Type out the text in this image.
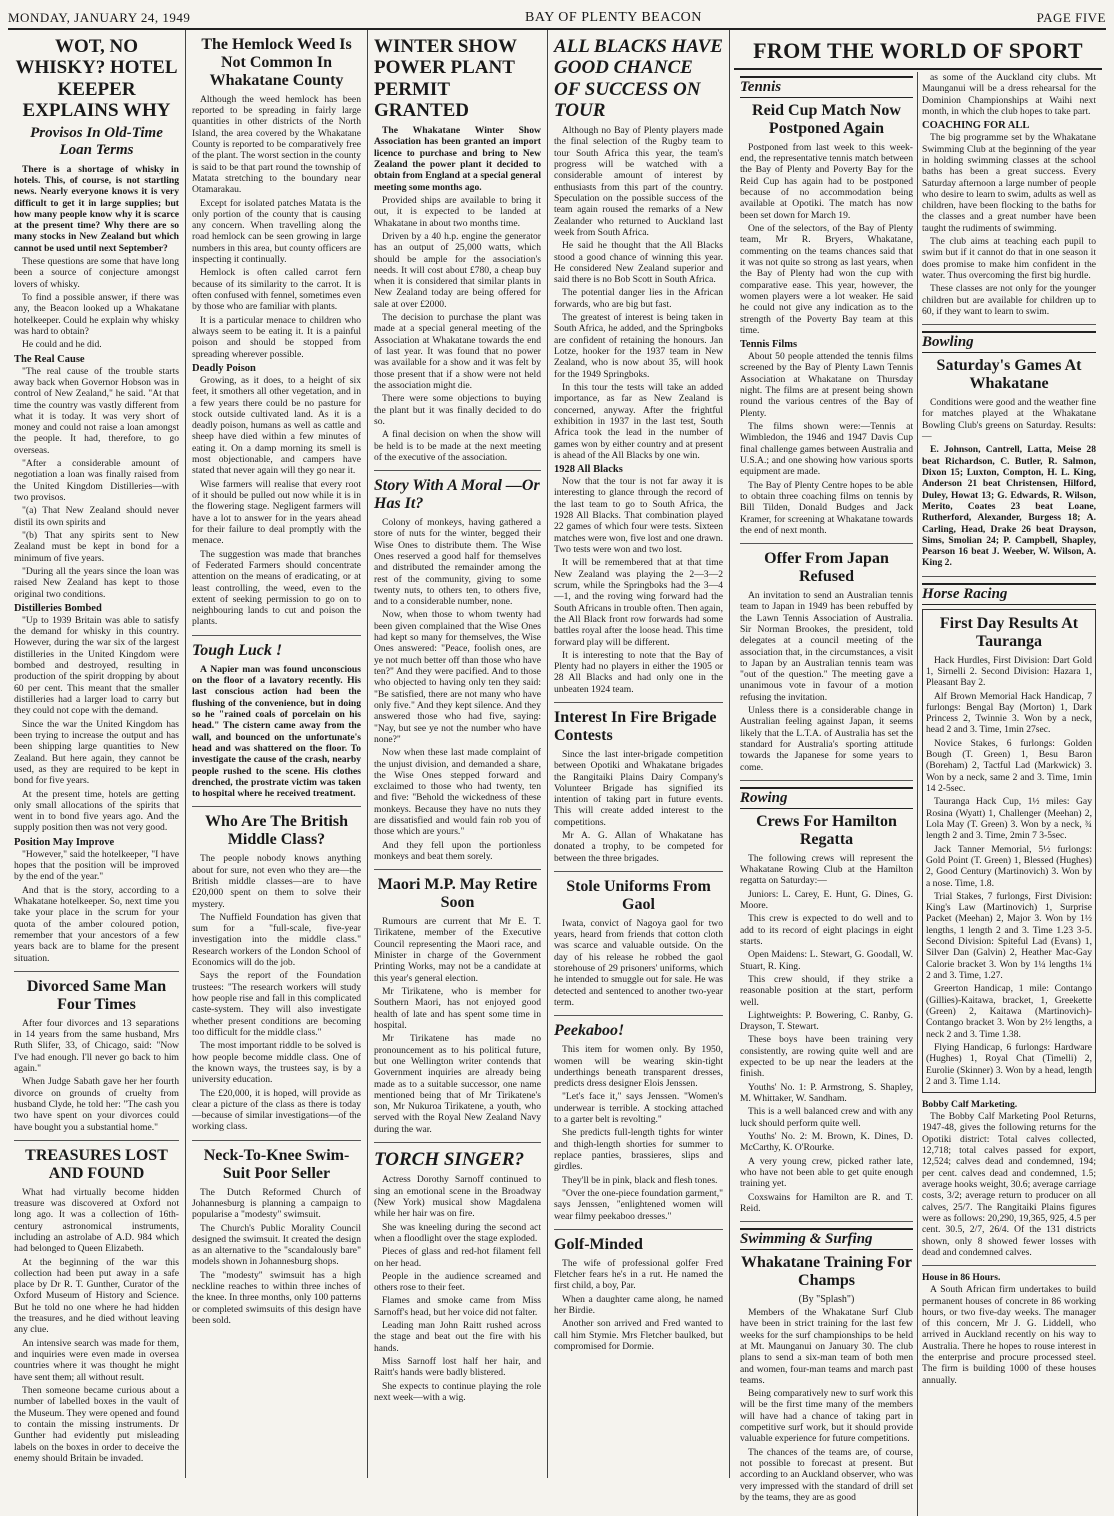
MONDAY, JANUARY 24, 1949	BAY OF PLENTY BEACON	PAGE FIVE
WOT, NO WHISKY? HOTEL KEEPER EXPLAINS WHY
Provisos In Old-Time Loan Terms

There is a shortage of whisky in hotels. This, of course, is not startling news. Nearly everyone knows it is very difficult to get it in large supplies; but how many people know why it is scarce at the present time? Why there are so many stocks in New Zealand but which cannot be used until next September?

These questions are some that have long been a source of conjecture amongst lovers of whisky.

To find a possible answer, if there was any, the Beacon looked up a Whakatane hotelkeeper. Could he explain why whisky was hard to obtain?

He could and he did.

The Real Cause

"The real cause of the trouble starts away back when Governor Hobson was in control of New Zealand," he said. "At that time the country was vastly different from what it is today. It was very short of money and could not raise a loan amongst the people. It had, therefore, to go overseas.

"After a considerable amount of negotiation a loan was finally raised from the United Kingdom Distilleries—with two provisos.

"(a) That New Zealand should never distil its own spirits and

"(b) That any spirits sent to New Zealand must be kept in bond for a minimum of five years.

"During all the years since the loan was raised New Zealand has kept to those original two conditions.

Distilleries Bombed

"Up to 1939 Britain was able to satisfy the demand for whisky in this country. However, during the war six of the largest distilleries in the United Kingdom were bombed and destroyed, resulting in production of the spirit dropping by about 60 per cent. This meant that the smaller distilleries had a larger load to carry but they could not cope with the demand.

Since the war the United Kingdom has been trying to increase the output and has been shipping large quantities to New Zealand. But here again, they cannot be used, as they are required to be kept in bond for five years.

At the present time, hotels are getting only small allocations of the spirits that went in to bond five years ago. And the supply position then was not very good.

Position May Improve

"However," said the hotelkeeper, "I have hopes that the position will be improved by the end of the year."

And that is the story, according to a Whakatane hotelkeeper. So, next time you take your place in the scrum for your quota of the amber coloured potion, remember that your ancestors of a few years back are to blame for the present situation.

Divorced Same Man Four Times

After four divorces and 13 separations in 14 years from the same husband, Mrs Ruth Slifer, 33, of Chicago, said: "Now I've had enough. I'll never go back to him again."

When Judge Sabath gave her her fourth divorce on grounds of cruelty from husband Clyde, he told her: "The cash you two have spent on your divorces could have bought you a substantial home."

TREASURES LOST AND FOUND

What had virtually become hidden treasure was discovered at Oxford not long ago. It was a collection of 16th-century astronomical instruments, including an astrolabe of A.D. 984 which had belonged to Queen Elizabeth.

At the beginning of the war this collection had been put away in a safe place by Dr R. T. Gunther, Curator of the Oxford Museum of History and Science. But he told no one where he had hidden the treasures, and he died without leaving any clue.

An intensive search was made for them, and inquiries were even made in oversea countries where it was thought he might have sent them; all without result.

Then someone became curious about a number of labelled boxes in the vault of the Museum. They were opened and found to contain the missing instruments. Dr Gunther had evidently put misleading labels on the boxes in order to deceive the enemy should Britain be invaded.

The Hemlock Weed Is Not Common In Whakatane County

Although the weed hemlock has been reported to be spreading in fairly large quantities in other districts of the North Island, the area covered by the Whakatane County is reported to be comparatively free of the plant. The worst section in the county is said to be that part round the township of Matata stretching to the boundary near Otamarakau.

Except for isolated patches Matata is the only portion of the county that is causing any concern. When travelling along the road hemlock can be seen growing in large numbers in this area, but county officers are inspecting it continually.

Hemlock is often called carrot fern because of its similarity to the carrot. It is often confused with fennel, sometimes even by those who are familiar with plants.

It is a particular menace to children who always seem to be eating it. It is a painful poison and should be stopped from spreading wherever possible.

Deadly Poison

Growing, as it does, to a height of six feet, it smothers all other vegetation, and in a few years there could be no pasture for stock outside cultivated land. As it is a deadly poison, humans as well as cattle and sheep have died within a few minutes of eating it. On a damp morning its smell is most objectionable, and campers have stated that never again will they go near it.

Wise farmers will realise that every root of it should be pulled out now while it is in the flowering stage. Negligent farmers will have a lot to answer for in the years ahead for their failure to deal promptly with the menace.

The suggestion was made that branches of Federated Farmers should concentrate attention on the means of eradicating, or at least controlling, the weed, even to the extent of seeking permission to go on to neighbouring lands to cut and poison the plants.

Tough Luck !

A Napier man was found unconscious on the floor of a lavatory recently. His last conscious action had been the flushing of the convenience, but in doing so he "rained coals of porcelain on his head." The cistern came away from the wall, and bounced on the unfortunate's head and was shattered on the floor. To investigate the cause of the crash, nearby people rushed to the scene. His clothes drenched, the prostrate victim was taken to hospital where he received treatment.

Who Are The British Middle Class?

The people nobody knows anything about for sure, not even who they are—the British middle classes—are to have £20,000 spent on them to solve their mystery.

The Nuffield Foundation has given that sum for a "full-scale, five-year investigation into the middle class." Research workers of the London School of Economics will do the job.

Says the report of the Foundation trustees: "The research workers will study how people rise and fall in this complicated caste-system. They will also investigate whether present conditions are becoming too difficult for the middle class."

The most important riddle to be solved is how people become middle class. One of the known ways, the trustees say, is by a university education.

The £20,000, it is hoped, will provide as clear a picture of the class as there is today—because of similar investigations—of the working class.

Neck-To-Knee Swim-Suit Poor Seller

The Dutch Reformed Church of Johannesburg is planning a campaign to popularise a "modesty" swimsuit.

The Church's Public Morality Council designed the swimsuit. It created the design as an alternative to the "scandalously bare" models shown in Johannesburg shops.

The "modesty" swimsuit has a high neckline reaches to within three inches of the knee. In three months, only 100 patterns or completed swimsuits of this design have been sold.

WINTER SHOW POWER PLANT PERMIT GRANTED

The Whakatane Winter Show Association has been granted an import licence to purchase and bring to New Zealand the power plant it decided to obtain from England at a special general meeting some months ago.

Provided ships are available to bring it out, it is expected to be landed at Whakatane in about two months time.

Driven by a 40 h.p. engine the generator has an output of 25,000 watts, which should be ample for the association's needs. It will cost about £780, a cheap buy when it is considered that similar plants in New Zealand today are being offered for sale at over £2000.

The decision to purchase the plant was made at a special general meeting of the Association at Whakatane towards the end of last year. It was found that no power was available for a show and it was felt by those present that if a show were not held the association might die.

There were some objections to buying the plant but it was finally decided to do so.

A final decision on when the show will be held is to be made at the next meeting of the executive of the association.

Story With A Moral —Or Has It?

Colony of monkeys, having gathered a store of nuts for the winter, begged their Wise Ones to distribute them. The Wise Ones reserved a good half for themselves and distributed the remainder among the rest of the community, giving to some twenty nuts, to others ten, to others five, and to a considerable number, none.

Now, when those to whom twenty had been given complained that the Wise Ones had kept so many for themselves, the Wise Ones answered: "Peace, foolish ones, are ye not much better off than those who have ten?" And they were pacified. And to those who objected to having only ten they said: "Be satisfied, there are not many who have only five." And they kept silence. And they answered those who had five, saying: "Nay, but see ye not the number who have none?"

Now when these last made complaint of the unjust division, and demanded a share, the Wise Ones stepped forward and exclaimed to those who had twenty, ten and five: "Behold the wickedness of these monkeys. Because they have no nuts they are dissatisfied and would fain rob you of those which are yours."

And they fell upon the portionless monkeys and beat them sorely.

Maori M.P. May Retire Soon

Rumours are current that Mr E. T. Tirikatene, member of the Executive Council representing the Maori race, and Minister in charge of the Government Printing Works, may not be a candidate at this year's general election.

Mr Tirikatene, who is member for Southern Maori, has not enjoyed good health of late and has spent some time in hospital.

Mr Tirikatene has made no pronouncement as to his political future, but one Wellington writer contends that Government inquiries are already being made as to a suitable successor, one name mentioned being that of Mr Tirikatene's son, Mr Nukuroa Tirikatene, a youth, who served with the Royal New Zealand Navy during the war.

TORCH SINGER?

Actress Dorothy Sarnoff continued to sing an emotional scene in the Broadway (New York) musical show Magdalena while her hair was on fire.

She was kneeling during the second act when a floodlight over the stage exploded.

Pieces of glass and red-hot filament fell on her head.

People in the audience screamed and others rose to their feet.

Flames and smoke came from Miss Sarnoff's head, but her voice did not falter.

Leading man John Raitt rushed across the stage and beat out the fire with his hands.

Miss Sarnoff lost half her hair, and Raitt's hands were badly blistered.

She expects to continue playing the role next week—with a wig.

ALL BLACKS HAVE GOOD CHANCE OF SUCCESS ON TOUR

Although no Bay of Plenty players made the final selection of the Rugby team to tour South Africa this year, the team's progress will be watched with a considerable amount of interest by enthusiasts from this part of the country. Speculation on the possible success of the team again roused the remarks of a New Zealander who returned to Auckland last week from South Africa.

He said he thought that the All Blacks stood a good chance of winning this year. He considered New Zealand superior and said there is no Bob Scott in South Africa.

The potential danger lies in the African forwards, who are big but fast.

The greatest of interest is being taken in South Africa, he added, and the Springboks are confident of retaining the honours. Jan Lotze, hooker for the 1937 team in New Zealand, who is now about 35, will hook for the 1949 Springboks.

In this tour the tests will take an added importance, as far as New Zealand is concerned, anyway. After the frightful exhibition in 1937 in the last test, South Africa took the lead in the number of games won by either country and at present is ahead of the All Blacks by one win.

1928 All Blacks

Now that the tour is not far away it is interesting to glance through the record of the last team to go to South Africa, the 1928 All Blacks. That combination played 22 games of which four were tests. Sixteen matches were won, five lost and one drawn. Two tests were won and two lost.

It will be remembered that at that time New Zealand was playing the 2—3—2 scrum, while the Springboks had the 3—4—1, and the roving wing forward had the South Africans in trouble often. Then again, the All Black front row forwards had some battles royal after the loose head. This time forward play will be different.

It is interesting to note that the Bay of Plenty had no players in either the 1905 or 28 All Blacks and had only one in the unbeaten 1924 team.

Interest In Fire Brigade Contests

Since the last inter-brigade competition between Opotiki and Whakatane brigades the Rangitaiki Plains Dairy Company's Volunteer Brigade has signified its intention of taking part in future events. This will create added interest to the competitions.

Mr A. G. Allan of Whakatane has donated a trophy, to be competed for between the three brigades.

Stole Uniforms From Gaol

Iwata, convict of Nagoya gaol for two years, heard from friends that cotton cloth was scarce and valuable outside. On the day of his release he robbed the gaol storehouse of 29 prisoners' uniforms, which he intended to smuggle out for sale. He was detected and sentenced to another two-year term.

Peekaboo!

This item for women only. By 1950, women will be wearing skin-tight underthings beneath transparent dresses, predicts dress designer Elois Jenssen.

"Let's face it," says Jenssen. "Women's underwear is terrible. A stocking attached to a garter belt is revolting."

She predicts full-length tights for winter and thigh-length shorties for summer to replace panties, brassieres, slips and girdles.

They'll be in pink, black and flesh tones.

"Over the one-piece foundation garment," says Jenssen, "enlightened women will wear filmy peekaboo dresses."

Golf-Minded

The wife of professional golfer Fred Fletcher fears he's in a rut. He named the first child, a boy, Par.

When a daughter came along, he named her Birdie.

Another son arrived and Fred wanted to call him Stymie. Mrs Fletcher baulked, but compromised for Dormie.

FROM THE WORLD OF SPORT
Tennis
Reid Cup Match Now Postponed Again

Postponed from last week to this week-end, the representative tennis match between the Bay of Plenty and Poverty Bay for the Reid Cup has again had to be postponed because of no accommodation being available at Opotiki. The match has now been set down for March 19.

One of the selectors, of the Bay of Plenty team, Mr R. Bryers, Whakatane, commenting on the teams chances said that it was not quite so strong as last years, when the Bay of Plenty had won the cup with comparative ease. This year, however, the women players were a lot weaker. He said he could not give any indication as to the strength of the Poverty Bay team at this time.

Tennis Films

About 50 people attended the tennis films screened by the Bay of Plenty Lawn Tennis Association at Whakatane on Thursday night. The films are at present being shown round the various centres of the Bay of Plenty.

The films shown were:—Tennis at Wimbledon, the 1946 and 1947 Davis Cup final challenge games between Australia and U.S.A.; and one showing how various sports equipment are made.

The Bay of Plenty Centre hopes to be able to obtain three coaching films on tennis by Bill Tilden, Donald Budges and Jack Kramer, for screening at Whakatane towards the end of next month.

Offer From Japan Refused

An invitation to send an Australian tennis team to Japan in 1949 has been rebuffed by the Lawn Tennis Association of Australia. Sir Norman Brookes, the president, told delegates at a council meeting of the association that, in the circumstances, a visit to Japan by an Australian tennis team was "out of the question." The meeting gave a unanimous vote in favour of a motion refusing the invitation.

Unless there is a considerable change in Australian feeling against Japan, it seems likely that the L.T.A. of Australia has set the standard for Australia's sporting attitude towards the Japanese for some years to come.

Rowing
Crews For Hamilton Regatta

The following crews will represent the Whakatane Rowing Club at the Hamilton regatta on Saturday:—

Juniors: L. Carey, E. Hunt, G. Dines, G. Moore.

This crew is expected to do well and to add to its record of eight placings in eight starts.

Open Maidens: L. Stewart, G. Goodall, W. Stuart, R. King.

This crew should, if they strike a reasonable position at the start, perform well.

Lightweights: P. Bowering, C. Ranby, G. Drayson, T. Stewart.

These boys have been training very consistently, are rowing quite well and are expected to be up near the leaders at the finish.

Youths' No. 1: P. Armstrong, S. Shapley, M. Whittaker, W. Sandham.

This is a well balanced crew and with any luck should perform quite well.

Youths' No. 2: M. Brown, K. Dines, D. McCarthy, K. O'Rourke.

A very young crew, picked rather late, who have not been able to get quite enough training yet.

Coxswains for Hamilton are R. and T. Reid.

Swimming & Surfing
Whakatane Training For Champs
(By "Splash")

Members of the Whakatane Surf Club have been in strict training for the last few weeks for the surf championships to be held at Mt. Maunganui on January 30. The club plans to send a six-man team of both men and women, four-man teams and march past teams.

Being comparatively new to surf work this will be the first time many of the members will have had a chance of taking part in competitive surf work, but it should provide valuable experience for future competitions.

The chances of the teams are, of course, not possible to forecast at present. But according to an Auckland observer, who was very impressed with the standard of drill set by the teams, they are as good

as some of the Auckland city clubs. Mt Maunganui will be a dress rehearsal for the Dominion Championships at Waihi next month, in which the club hopes to take part.

COACHING FOR ALL

The big programme set by the Whakatane Swimming Club at the beginning of the year in holding swimming classes at the school baths has been a great success. Every Saturday afternoon a large number of people who desire to learn to swim, adults as well as children, have been flocking to the baths for the classes and a great number have been taught the rudiments of swimming.

The club aims at teaching each pupil to swim but if it cannot do that in one season it does promise to make him confident in the water. Thus overcoming the first big hurdle.

These classes are not only for the younger children but are available for children up to 60, if they want to learn to swim.

Bowling
Saturday's Games At Whakatane

Conditions were good and the weather fine for matches played at the Whakatane Bowling Club's greens on Saturday. Results:—

E. Johnson, Cantrell, Latta, Meise 28 beat Richardson, C. Butler, R. Salmon, Dixon 15; Luxton, Compton, H. L. King, Anderson 21 beat Christensen, Hilford, Duley, Howat 13; G. Edwards, R. Wilson, Merito, Coates 23 beat Loane, Rutherford, Alexander, Burgess 18; A. Carling, Head, Drake 26 beat Drayson, Sims, Smolian 24; P. Campbell, Shapley, Pearson 16 beat J. Weeber, W. Wilson, A. King 2.

Horse Racing
First Day Results At Tauranga

Hack Hurdles, First Division: Dart Gold 1, Sirnelli 2. Second Division: Hazara 1, Pleasant Bay 2.

Alf Brown Memorial Hack Handicap, 7 furlongs: Bengal Bay (Morton) 1, Dark Princess 2, Twinnie 3. Won by a neck, head 2 and 3. Time, 1min 27sec.

Novice Stakes, 6 furlongs: Golden Bough (T. Green) 1, Besu Baron (Boreham) 2, Tactful Lad (Markwick) 3. Won by a neck, same 2 and 3. Time, 1min 14 2-5sec.

Tauranga Hack Cup, 1½ miles: Gay Rosina (Wyatt) 1, Challenger (Meehan) 2, Lola May (T. Green) 3. Won by a neck, ¾ length 2 and 3. Time, 2min 7 3-5sec.

Jack Tanner Memorial, 5½ furlongs: Gold Point (T. Green) 1, Blessed (Hughes) 2, Good Century (Martinovich) 3. Won by a nose. Time, 1.8.

Trial Stakes, 7 furlongs, First Division: King's Law (Martinovich) 1, Surprise Packet (Meehan) 2, Major 3. Won by 1½ lengths, 1 length 2 and 3. Time 1.23 3-5. Second Division: Spiteful Lad (Evans) 1, Silver Dan (Galvin) 2, Heather Mac-Gay Calorie bracket 3. Won by 1¼ lengths 1¼ 2 and 3. Time, 1.27.

Greerton Handicap, 1 mile: Contango (Gillies)-Kaitawa, bracket, 1, Greekette (Green) 2, Kaitawa (Martinovich)-Contango bracket 3. Won by 2½ lengths, a neck 2 and 3. Time 1.38.

Flying Handicap, 6 furlongs: Hardware (Hughes) 1, Royal Chat (Timelli) 2, Eurolie (Skinner) 3. Won by a head, length 2 and 3. Time 1.14.

Bobby Calf Marketing.

The Bobby Calf Marketing Pool Returns, 1947-48, gives the following returns for the Opotiki district: Total calves collected, 12,718; total calves passed for export, 12,524; calves dead and condemned, 194; per cent. calves dead and condemned, 1.5; average hooks weight, 30.6; average carriage costs, 3/2; average return to producer on all calves, 25/7. The Rangitaiki Plains figures were as follows: 20,290, 19,365, 925, 4.5 per cent. 30.5, 2/7, 26/4. Of the 131 districts shown, only 8 showed fewer losses with dead and condemned calves.

House in 86 Hours.

A South African firm undertakes to build permanent houses of concrete in 86 working hours, or two five-day weeks. The manager of this concern, Mr J. G. Liddell, who arrived in Auckland recently on his way to Australia. There he hopes to rouse interest in the enterprise and procure processed steel. The firm is building 1000 of these houses annually.
